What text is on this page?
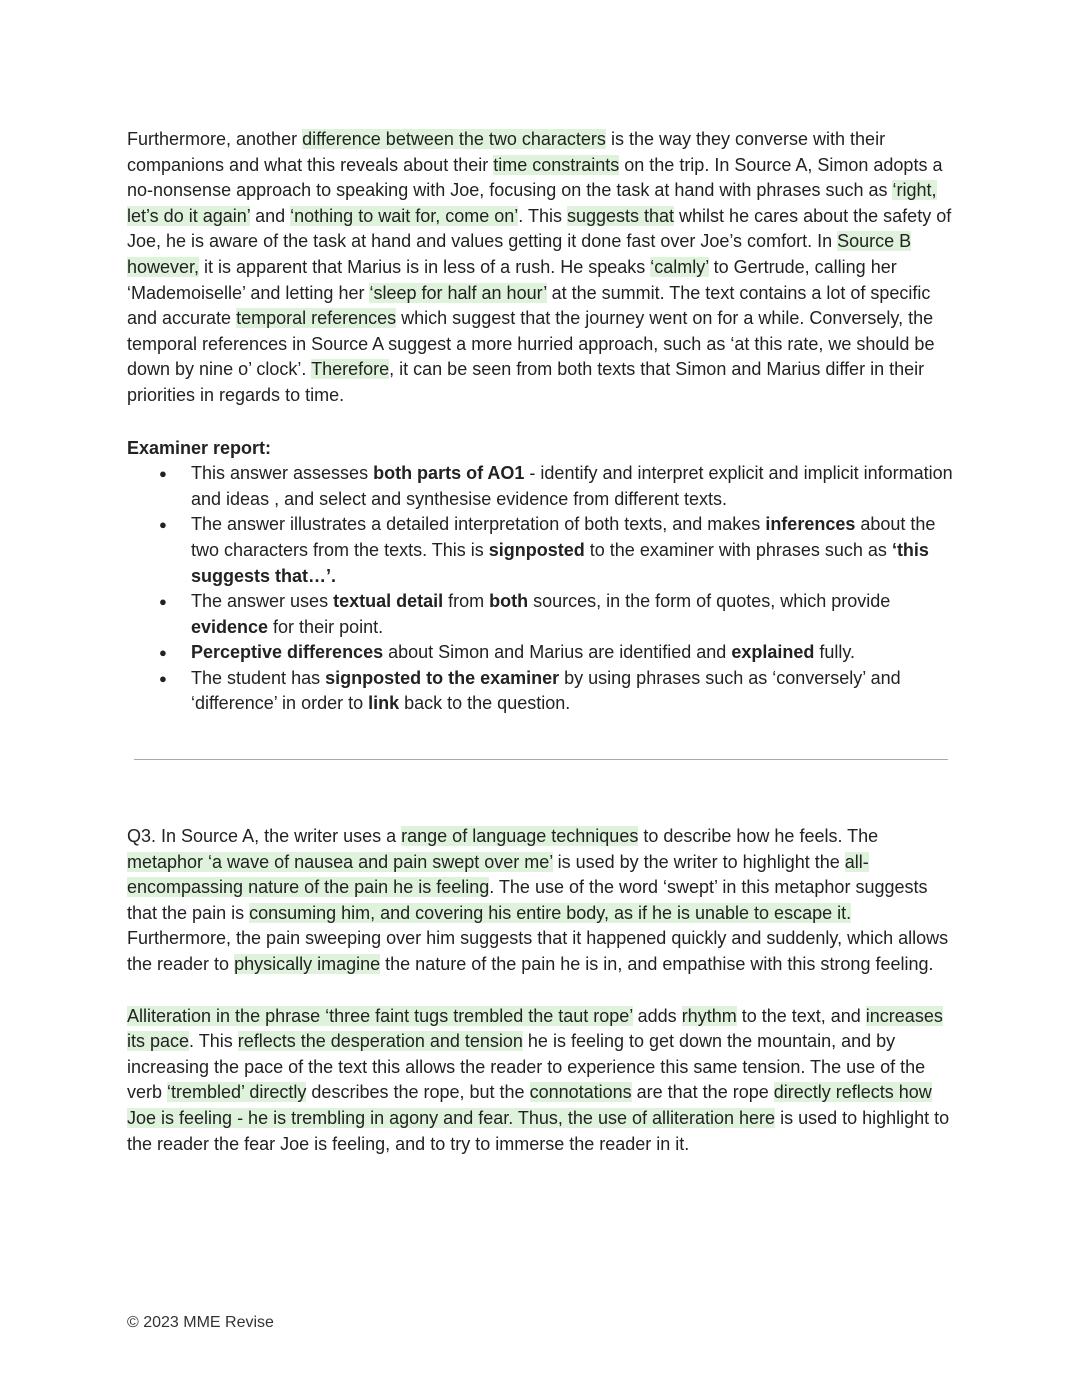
Furthermore, another difference between the two characters is the way they converse with their companions and what this reveals about their time constraints on the trip. In Source A, Simon adopts a no-nonsense approach to speaking with Joe, focusing on the task at hand with phrases such as ‘right, let’s do it again’ and ‘nothing to wait for, come on’. This suggests that whilst he cares about the safety of Joe, he is aware of the task at hand and values getting it done fast over Joe’s comfort. In Source B however, it is apparent that Marius is in less of a rush. He speaks ‘calmly’ to Gertrude, calling her ‘Mademoiselle’ and letting her ‘sleep for half an hour’ at the summit. The text contains a lot of specific and accurate temporal references which suggest that the journey went on for a while. Conversely, the temporal references in Source A suggest a more hurried approach, such as ‘at this rate, we should be down by nine o’ clock’. Therefore, it can be seen from both texts that Simon and Marius differ in their priorities in regards to time.

Examiner report:

● This answer assesses both parts of AO1 - identify and interpret explicit and implicit information and ideas , and select and synthesise evidence from different texts.
● The answer illustrates a detailed interpretation of both texts, and makes inferences about the two characters from the texts. This is signposted to the examiner with phrases such as ‘this suggests that…’.
● The answer uses textual detail from both sources, in the form of quotes, which provide evidence for their point.
● Perceptive differences about Simon and Marius are identified and explained fully.
● The student has signposted to the examiner by using phrases such as ‘conversely’ and ‘difference’ in order to link back to the question.

Q3. In Source A, the writer uses a range of language techniques to describe how he feels. The metaphor ‘a wave of nausea and pain swept over me’ is used by the writer to highlight the all-encompassing nature of the pain he is feeling. The use of the word ‘swept’ in this metaphor suggests that the pain is consuming him, and covering his entire body, as if he is unable to escape it. Furthermore, the pain sweeping over him suggests that it happened quickly and suddenly, which allows the reader to physically imagine the nature of the pain he is in, and empathise with this strong feeling.

Alliteration in the phrase ‘three faint tugs trembled the taut rope’ adds rhythm to the text, and increases its pace. This reflects the desperation and tension he is feeling to get down the mountain, and by increasing the pace of the text this allows the reader to experience this same tension. The use of the verb ‘trembled’ directly describes the rope, but the connotations are that the rope directly reflects how Joe is feeling - he is trembling in agony and fear. Thus, the use of alliteration here is used to highlight to the reader the fear Joe is feeling, and to try to immerse the reader in it.

© 2023 MME Revise
